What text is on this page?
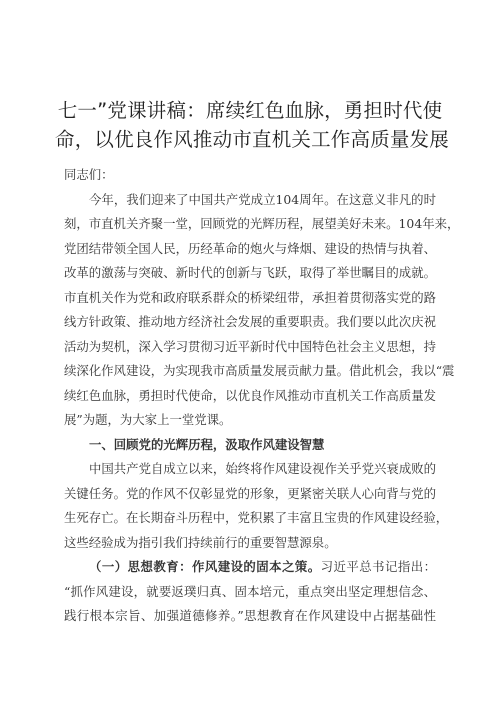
七一”党课讲稿：席续红色血脉，勇担时代使
命，以优良作风推动市直机关工作高质量发展
同志们：

今年，我们迎来了中国共产党成立104周年。在这意义非凡的时
刻，市直机关齐聚一堂，回顾党的光辉历程，展望美好未来。104年来，
党团结带领全国人民，历经革命的炮火与烽烟、建设的热情与执着、
改革的激荡与突破、新时代的创新与飞跃，取得了举世瞩目的成就。
市直机关作为党和政府联系群众的桥梁纽带，承担着贯彻落实党的路
线方针政策、推动地方经济社会发展的重要职责。我们要以此次庆祝
活动为契机，深入学习贯彻习近平新时代中国特色社会主义思想，持
续深化作风建设，为实现我市高质量发展贡献力量。借此机会，我以“震
续红色血脉，勇担时代使命，以优良作风推动市直机关工作高质量发
展”为题，为大家上一堂党课。

一、回顾党的光辉历程，汲取作风建设智慧

中国共产党自成立以来，始终将作风建设视作关乎党兴衰成败的
关键任务。党的作风不仅彰显党的形象，更紧密关联人心向背与党的
生死存亡。在长期奋斗历程中，党积累了丰富且宝贵的作风建设经验，
这些经验成为指引我们持续前行的重要智慧源泉。

（一）思想教育：作风建设的固本之策。习近平总书记指出：
“抓作风建设，就要返璞归真、固本培元，重点突出坚定理想信念、
践行根本宗旨、加强道德修养。”思想教育在作风建设中占据基础性
